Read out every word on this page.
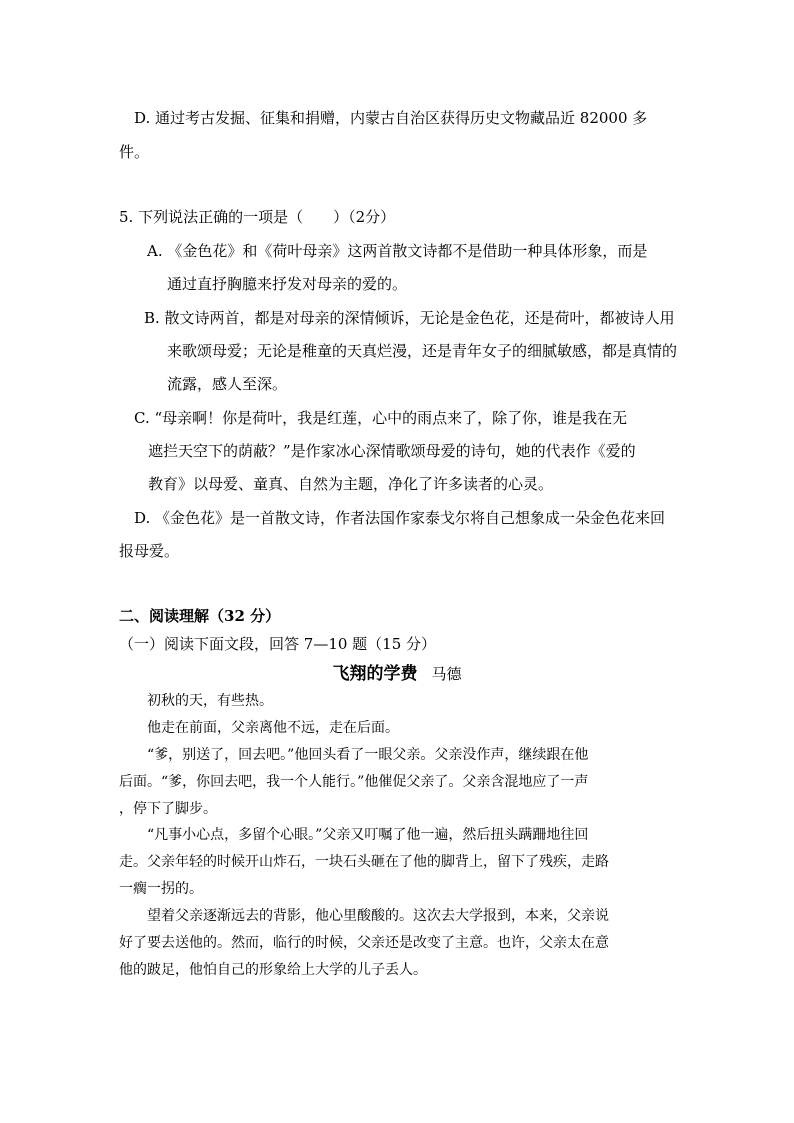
D. 通过考古发掘、征集和捐赠，内蒙古自治区获得历史文物藏品近 82000 多
件。
5. 下列说法正确的一项是（　　）（2分）
A. 《金色花》和《荷叶母亲》这两首散文诗都不是借助一种具体形象，而是
通过直抒胸臆来抒发对母亲的爱的。
B. 散文诗两首，都是对母亲的深情倾诉，无论是金色花，还是荷叶，都被诗人用
来歌颂母爱；无论是稚童的天真烂漫，还是青年女子的细腻敏感，都是真情的
流露，感人至深。
C. “母亲啊！你是荷叶，我是红莲，心中的雨点来了，除了你，谁是我在无
遮拦天空下的荫蔽？”是作家冰心深情歌颂母爱的诗句，她的代表作《爱的
教育》以母爱、童真、自然为主题，净化了许多读者的心灵。
D. 《金色花》是一首散文诗，作者法国作家泰戈尔将自己想象成一朵金色花来回
报母爱。
二、阅读理解（32 分）
（一）阅读下面文段，回答 7—10 题（15 分）
飞翔的学费 马德
初秋的天，有些热。
他走在前面，父亲离他不远，走在后面。
“爹，别送了，回去吧。”他回头看了一眼父亲。父亲没作声，继续跟在他
后面。“爹，你回去吧，我一个人能行。”他催促父亲了。父亲含混地应了一声
，停下了脚步。
“凡事小心点，多留个心眼。”父亲又叮嘱了他一遍，然后扭头蹒跚地往回
走。父亲年轻的时候开山炸石，一块石头砸在了他的脚背上，留下了残疾，走路
一瘸一拐的。
望着父亲逐渐远去的背影，他心里酸酸的。这次去大学报到，本来，父亲说
好了要去送他的。然而，临行的时候，父亲还是改变了主意。也许，父亲太在意
他的跛足，他怕自己的形象给上大学的儿子丢人。
